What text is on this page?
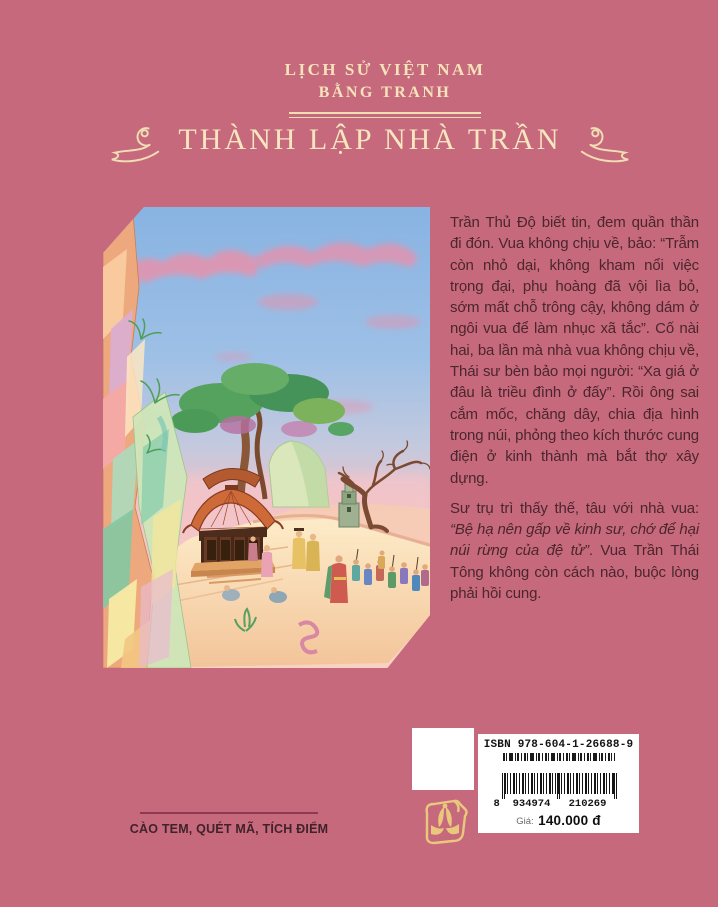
LỊCH SỬ VIỆT NAM
BẰNG TRANH
THÀNH LẬP NHÀ TRẦN

Trần Thủ Độ biết tin, đem quần thần đi đón. Vua không chịu về, bảo: “Trẫm còn nhỏ dại, không kham nổi việc trọng đại, phụ hoàng đã vội lìa bỏ, sớm mất chỗ trông cậy, không dám ở ngôi vua để làm nhục xã tắc”. Cố nài hai, ba lần mà nhà vua không chịu về, Thái sư bèn bảo mọi người: “Xa giá ở đâu là triều đình ở đấy”. Rồi ông sai cắm mốc, chăng dây, chia địa hình trong núi, phỏng theo kích thước cung điện ở kinh thành mà bắt thợ xây dựng.

Sư trụ trì thấy thế, tâu với nhà vua: “Bệ hạ nên gấp về kinh sư, chớ để hại núi rừng của đệ tử”. Vua Trần Thái Tông không còn cách nào, buộc lòng phải hồi cung.

CÀO TEM, QUÉT MÃ, TÍCH ĐIỂM
ISBN 978-604-1-26688-9
8	934974	210269
Giá: 140.000 đ
